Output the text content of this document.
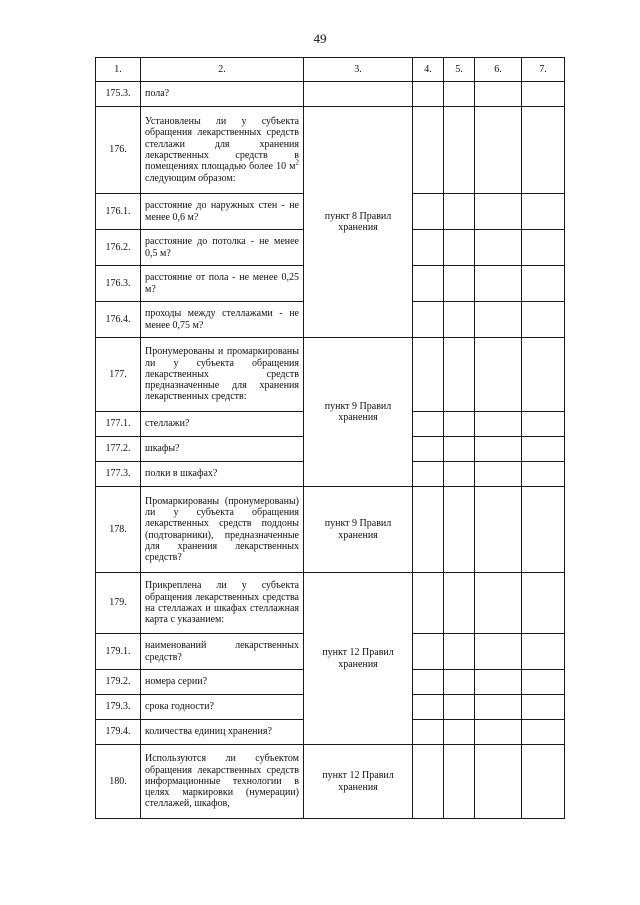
49
1.	2.	3.	4.	5.	6.	7.
175.3.	пола?					
176.	Установлены ли у субъекта обращения лекарственных средств стеллажи для хранения лекарственных средств в помещениях площадью более 10 $м^2$ следующим образом:	пункт 8 Правил хранения				
176.1.	расстояние до наружных стен - не менее 0,6 м?					
176.2.	расстояние до потолка - не менее 0,5 м?					
176.3.	расстояние от пола - не менее 0,25 м?					
176.4.	проходы между стеллажами - не менее 0,75 м?					
177.	Пронумерованы и промаркированы ли у субъекта обращения лекарственных средств предназначенные для хранения лекарственных средств:	пункт 9 Правил хранения				
177.1.	стеллажи?					
177.2.	шкафы?					
177.3.	полки в шкафах?					
178.	Промаркированы (пронумерованы) ли у субъекта обращения лекарственных средств поддоны (подтоварники), предназначенные для хранения лекарственных средств?	пункт 9 Правил хранения				
179.	Прикреплена ли у субъекта обращения лекарственных средства на стеллажах и шкафах стеллажная карта с указанием:	пункт 12 Правил хранения				
179.1.	наименований лекарственных средств?					
179.2.	номера серии?					
179.3.	срока годности?					
179.4.	количества единиц хранения?					
180.	Используются ли субъектом обращения лекарственных средств информационные технологии в целях маркировки (нумерации) стеллажей, шкафов,	пункт 12 Правил хранения				
